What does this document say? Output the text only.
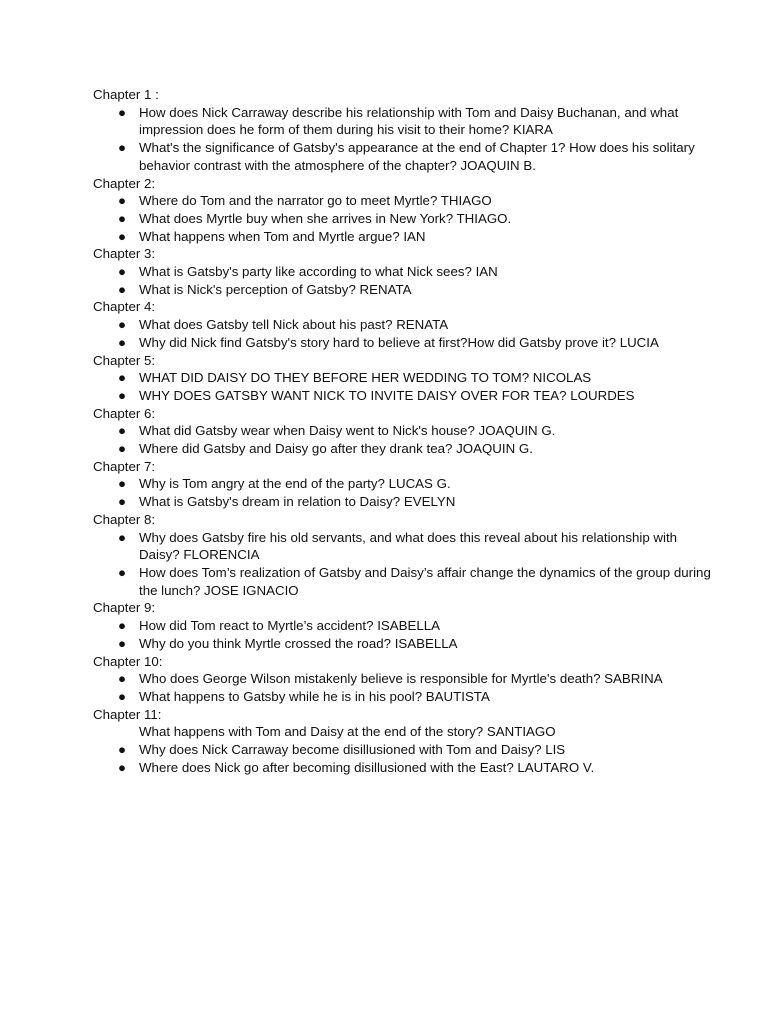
Chapter 1 :

● How does Nick Carraway describe his relationship with Tom and Daisy Buchanan, and what impression does he form of them during his visit to their home? KIARA
● What's the significance of Gatsby's appearance at the end of Chapter 1? How does his solitary behavior contrast with the atmosphere of the chapter? JOAQUIN B.

Chapter 2:

● Where do Tom and the narrator go to meet Myrtle? THIAGO
● What does Myrtle buy when she arrives in New York? THIAGO.
● What happens when Tom and Myrtle argue? IAN

Chapter 3:

● What is Gatsby's party like according to what Nick sees? IAN
● What is Nick's perception of Gatsby? RENATA

Chapter 4:

● What does Gatsby tell Nick about his past? RENATA
● Why did Nick find Gatsby's story hard to believe at first?How did Gatsby prove it? LUCIA

Chapter 5:

● WHAT DID DAISY DO THEY BEFORE HER WEDDING TO TOM? NICOLAS
● WHY DOES GATSBY WANT NICK TO INVITE DAISY OVER FOR TEA? LOURDES

Chapter 6:

● What did Gatsby wear when Daisy went to Nick's house? JOAQUIN G.
● Where did Gatsby and Daisy go after they drank tea? JOAQUIN G.

Chapter 7:

● Why is Tom angry at the end of the party? LUCAS G.
● What is Gatsby's dream in relation to Daisy? EVELYN

Chapter 8:

● Why does Gatsby fire his old servants, and what does this reveal about his relationship with Daisy? FLORENCIA
● How does Tom’s realization of Gatsby and Daisy’s affair change the dynamics of the group during the lunch? JOSE IGNACIO

Chapter 9:

● How did Tom react to Myrtle’s accident? ISABELLA
● Why do you think Myrtle crossed the road? ISABELLA

Chapter 10:

● Who does George Wilson mistakenly believe is responsible for Myrtle's death? SABRINA
● What happens to Gatsby while he is in his pool? BAUTISTA

Chapter 11:

What happens with Tom and Daisy at the end of the story? SANTIAGO
● Why does Nick Carraway become disillusioned with Tom and Daisy? LIS
● Where does Nick go after becoming disillusioned with the East? LAUTARO V.
